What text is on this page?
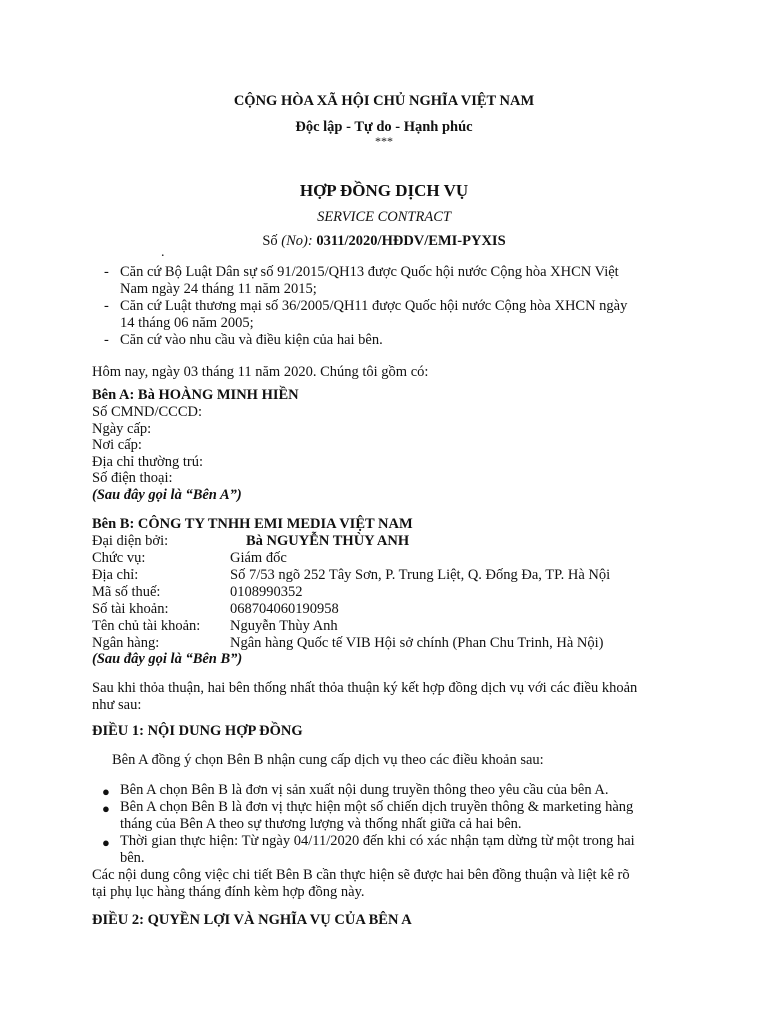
CỘNG HÒA XÃ HỘI CHỦ NGHĨA VIỆT NAM
Độc lập - Tự do - Hạnh phúc
***
HỢP ĐỒNG DỊCH VỤ
SERVICE CONTRACT
Số (No): 0311/2020/HĐDV/EMI-PYXIS
.
- Căn cứ Bộ Luật Dân sự số 91/2015/QH13 được Quốc hội nước Cộng hòa XHCN Việt
Nam ngày 24 tháng 11 năm 2015;
- Căn cứ Luật thương mại số 36/2005/QH11 được Quốc hội nước Cộng hòa XHCN ngày
14 tháng 06 năm 2005;
- Căn cứ vào nhu cầu và điều kiện của hai bên.
Hôm nay, ngày 03 tháng 11 năm 2020. Chúng tôi gồm có:
Bên A: Bà HOÀNG MINH HIỀN
Số CMND/CCCD:
Ngày cấp:
Nơi cấp:
Địa chỉ thường trú:
Số điện thoại:
(Sau đây gọi là “Bên A”)
Bên B: CÔNG TY TNHH EMI MEDIA VIỆT NAM
Đại diện bởi:	Bà NGUYỄN THÙY ANH
Chức vụ:	Giám đốc
Địa chỉ:	Số 7/53 ngõ 252 Tây Sơn, P. Trung Liệt, Q. Đống Đa, TP. Hà Nội
Mã số thuế:	0108990352
Số tài khoản:	068704060190958
Tên chủ tài khoản: Nguyễn Thùy Anh
Ngân hàng:	Ngân hàng Quốc tế VIB Hội sở chính (Phan Chu Trinh, Hà Nội)
(Sau đây gọi là “Bên B”)
Sau khi thỏa thuận, hai bên thống nhất thỏa thuận ký kết hợp đồng dịch vụ với các điều khoản
như sau:
ĐIỀU 1: NỘI DUNG HỢP ĐỒNG
Bên A đồng ý chọn Bên B nhận cung cấp dịch vụ theo các điều khoản sau:
● Bên A chọn Bên B là đơn vị sản xuất nội dung truyền thông theo yêu cầu của bên A.
● Bên A chọn Bên B là đơn vị thực hiện một số chiến dịch truyền thông & marketing hàng
tháng của Bên A theo sự thương lượng và thống nhất giữa cả hai bên.
● Thời gian thực hiện: Từ ngày 04/11/2020 đến khi có xác nhận tạm dừng từ một trong hai
bên.
Các nội dung công việc chi tiết Bên B cần thực hiện sẽ được hai bên đồng thuận và liệt kê rõ
tại phụ lục hàng tháng đính kèm hợp đồng này.
ĐIỀU 2: QUYỀN LỢI VÀ NGHĨA VỤ CỦA BÊN A
